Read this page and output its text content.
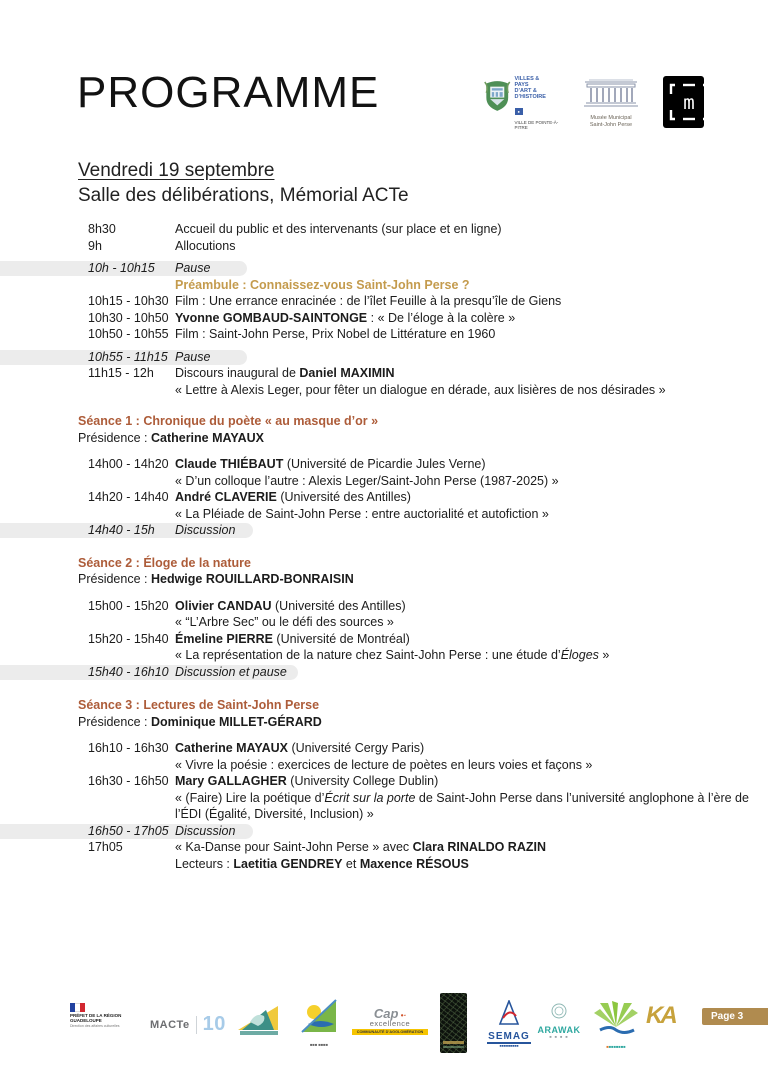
PROGRAMME	VILLES & PAYS D’ART & D’HISTOIRE
●
VILLE DE POINTE-À-PITRE
Musée Municipal
Saint-John Perse
m
Vendredi 19 septembre
Salle des délibérations, Mémorial ACTe
8h30	Accueil du public et des intervenants (sur place et en ligne)
9h	Allocutions
10h - 10h15	Pause
Préambule : Connaissez-vous Saint-John Perse ?
10h15 - 10h30 Film : Une errance enracinée : de l’îlet Feuille à la presqu’île de Giens
10h30 - 10h50 Yvonne GOMBAUD-SAINTONGE : « De l’éloge à la colère »
10h50 - 10h55 Film : Saint-John Perse, Prix Nobel de Littérature en 1960
10h55 - 11h15 Pause
11h15 - 12h	Discours inaugural de Daniel MAXIMIN
« Lettre à Alexis Leger, pour fêter un dialogue en dérade, aux lisières de nos désirades »
Séance 1 : Chronique du poète « au masque d’or »
Présidence : Catherine MAYAUX
14h00 - 14h20 Claude THIÉBAUT (Université de Picardie Jules Verne)
« D’un colloque l’autre : Alexis Leger/Saint-John Perse (1987-2025) »
14h20 - 14h40 André CLAVERIE (Université des Antilles)
« La Pléiade de Saint-John Perse : entre auctorialité et autofiction »
14h40 - 15h	Discussion
Séance 2 : Éloge de la nature
Présidence : Hedwige ROUILLARD-BONRAISIN
15h00 - 15h20 Olivier CANDAU (Université des Antilles)
« “L’Arbre Sec” ou le défi des sources »
15h20 - 15h40 Émeline PIERRE (Université de Montréal)
« La représentation de la nature chez Saint-John Perse : une étude d’Éloges »
15h40 - 16h10 Discussion et pause
Séance 3 : Lectures de Saint-John Perse
Présidence : Dominique MILLET-GÉRARD
16h10 - 16h30 Catherine MAYAUX (Université Cergy Paris)
« Vivre la poésie : exercices de lecture de poètes en leurs voies et façons »
16h30 - 16h50 Mary GALLAGHER (University College Dublin)
« (Faire) Lire la poétique d’Écrit sur la porte de Saint-John Perse dans l’université anglophone à l’ère de l’ÉDI (Égalité, Diversité, Inclusion) »
16h50 - 17h05 Discussion
17h05	« Ka-Danse pour Saint-John Perse » avec Clara RINALDO RAZIN
Lecteurs : Laetitia GENDREY et Maxence RÉSOUS
PRÉFET DE LA RÉGION GUADELOUPE
Direction des affaires culturelles	MACTe 10
■■■ ■■■■
Cap •·
excellence
COMMUNAUTÉ D’AGGLOMÉRATION	SEMAG
■■■■■■■■■
ARAWAK
■ ■ ■ ■
■■■■■■■■
KA	Page 3
